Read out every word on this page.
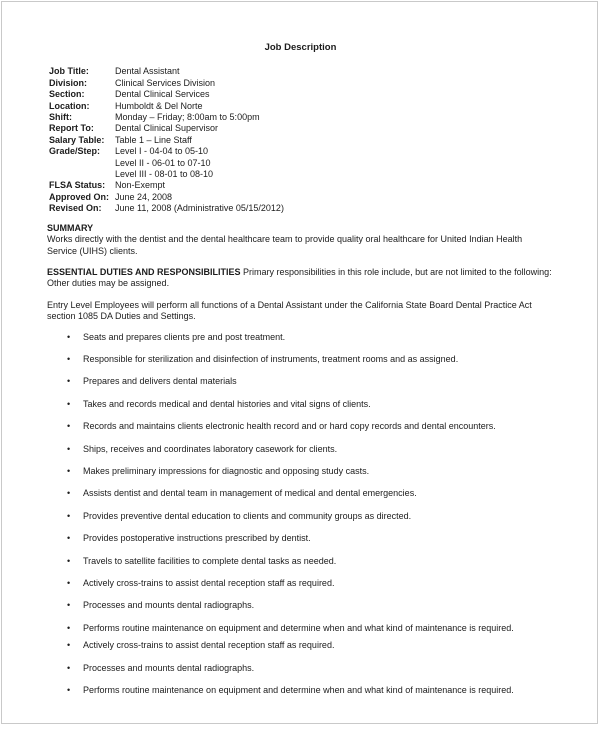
Job Description
Job Title:	Dental Assistant
Division:	Clinical Services Division
Section:	Dental Clinical Services
Location:	Humboldt & Del Norte
Shift:	Monday – Friday; 8:00am to 5:00pm
Report To:	Dental Clinical Supervisor
Salary Table:	Table 1 – Line Staff
Grade/Step:	Level I - 04-04 to 05-10
Level II - 06-01 to 07-10
Level III - 08-01 to 08-10
FLSA Status:	Non-Exempt
Approved On: June 24, 2008
Revised On:	June 11, 2008 (Administrative 05/15/2012)
SUMMARY

Works directly with the dentist and the dental healthcare team to provide quality oral healthcare for United Indian Health Service (UIHS) clients.

ESSENTIAL DUTIES AND RESPONSIBILITIES Primary responsibilities in this role include, but are not limited to the following:  Other duties may be assigned.

Entry Level Employees will perform all functions of a Dental Assistant under the California State Board Dental Practice Act section 1085 DA Duties and Settings.

• Seats and prepares clients pre and post treatment.
• Responsible for sterilization and disinfection of instruments, treatment rooms and as assigned.
• Prepares and delivers dental materials
• Takes and records medical and dental histories and vital signs of clients.
• Records and maintains clients electronic health record and or hard copy records and dental encounters.
• Ships, receives and coordinates laboratory casework for clients.
• Makes preliminary impressions for diagnostic and opposing study casts.
• Assists dentist and dental team in management of medical and dental emergencies.
• Provides preventive dental education to clients and community groups as directed.
• Provides postoperative instructions prescribed by dentist.
• Travels to satellite facilities to complete dental tasks as needed.
• Actively cross-trains to assist dental reception staff as required.
• Processes and mounts dental radiographs.
• Performs routine maintenance on equipment and determine when and what kind of maintenance is required.
• Actively cross-trains to assist dental reception staff as required.
• Processes and mounts dental radiographs.
• Performs routine maintenance on equipment and determine when and what kind of maintenance is required.
